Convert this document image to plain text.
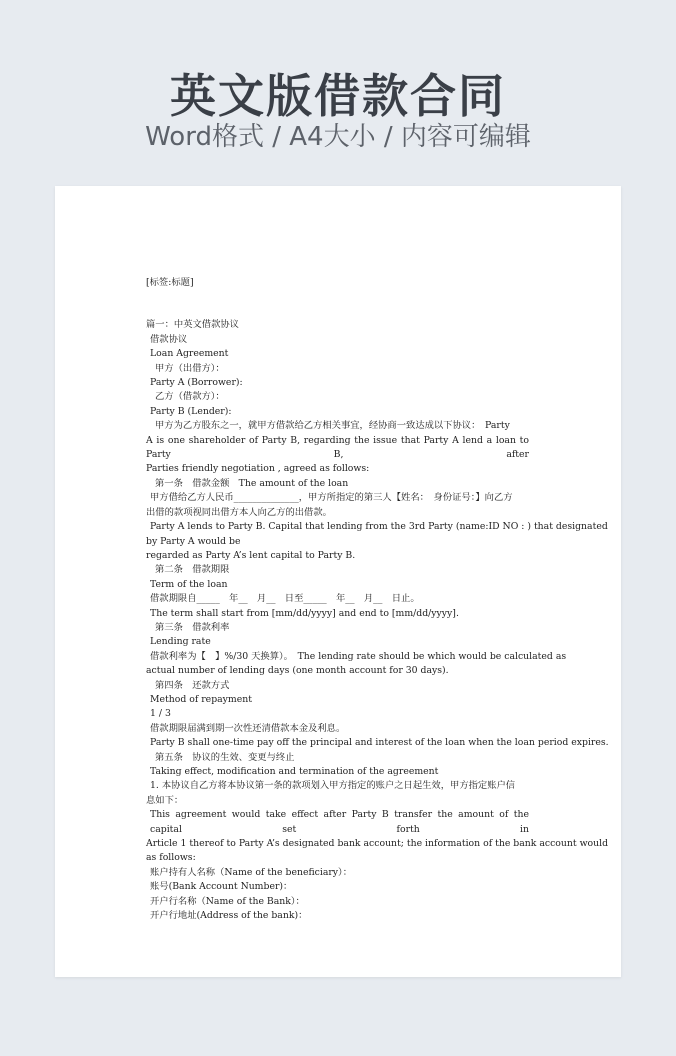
英文版借款合同
Word格式 / A4大小 / 内容可编辑
[标签:标题]
篇一：中英文借款协议
借款协议
Loan Agreement
甲方（出借方）：
Party A (Borrower):
乙方（借款方）：
Party B (Lender):
甲方为乙方股东之一，就甲方借款给乙方相关事宜，经协商一致达成以下协议：　Party
A is one shareholder of Party B, regarding the issue that Party A lend a loan to Party B, after
Parties friendly negotiation , agreed as follows:
第一条　借款金额　The amount of the loan
甲方借给乙方人民币______________，甲方所指定的第三人【姓名：　身份证号：】向乙方
出借的款项视同出借方本人向乙方的出借款。
Party A lends to Party B. Capital that lending from the 3rd Party (name:ID NO : ) that designated
by Party A would be
regarded as Party A’s lent capital to Party B.
第二条　借款期限
Term of the loan
借款期限自_____　年__　月__　日至_____　年__　月__　日止。
The term shall start from [mm/dd/yyyy] and end to [mm/dd/yyyy].
第三条　借款利率
Lending rate
借款利率为【　】%/30 天换算）。　The lending rate should be which would be calculated as
actual number of lending days (one month account for 30 days).
第四条　还款方式
Method of repayment
1 / 3
借款期限届满到期一次性还清借款本金及利息。
Party B shall one-time pay off the principal and interest of the loan when the loan period expires.
第五条　协议的生效、变更与终止
Taking effect, modification and termination of the agreement
1. 本协议自乙方将本协议第一条的款项划入甲方指定的账户之日起生效，甲方指定账户信
息如下：
This agreement would take effect after Party B transfer the amount of the capital set forth in
Article 1 thereof to Party A’s designated bank account; the information of the bank account would
as follows:
账户持有人名称（Name of the beneficiary）：
账号(Bank Account Number)：
开户行名称（Name of the Bank）：
开户行地址(Address of the bank)：
